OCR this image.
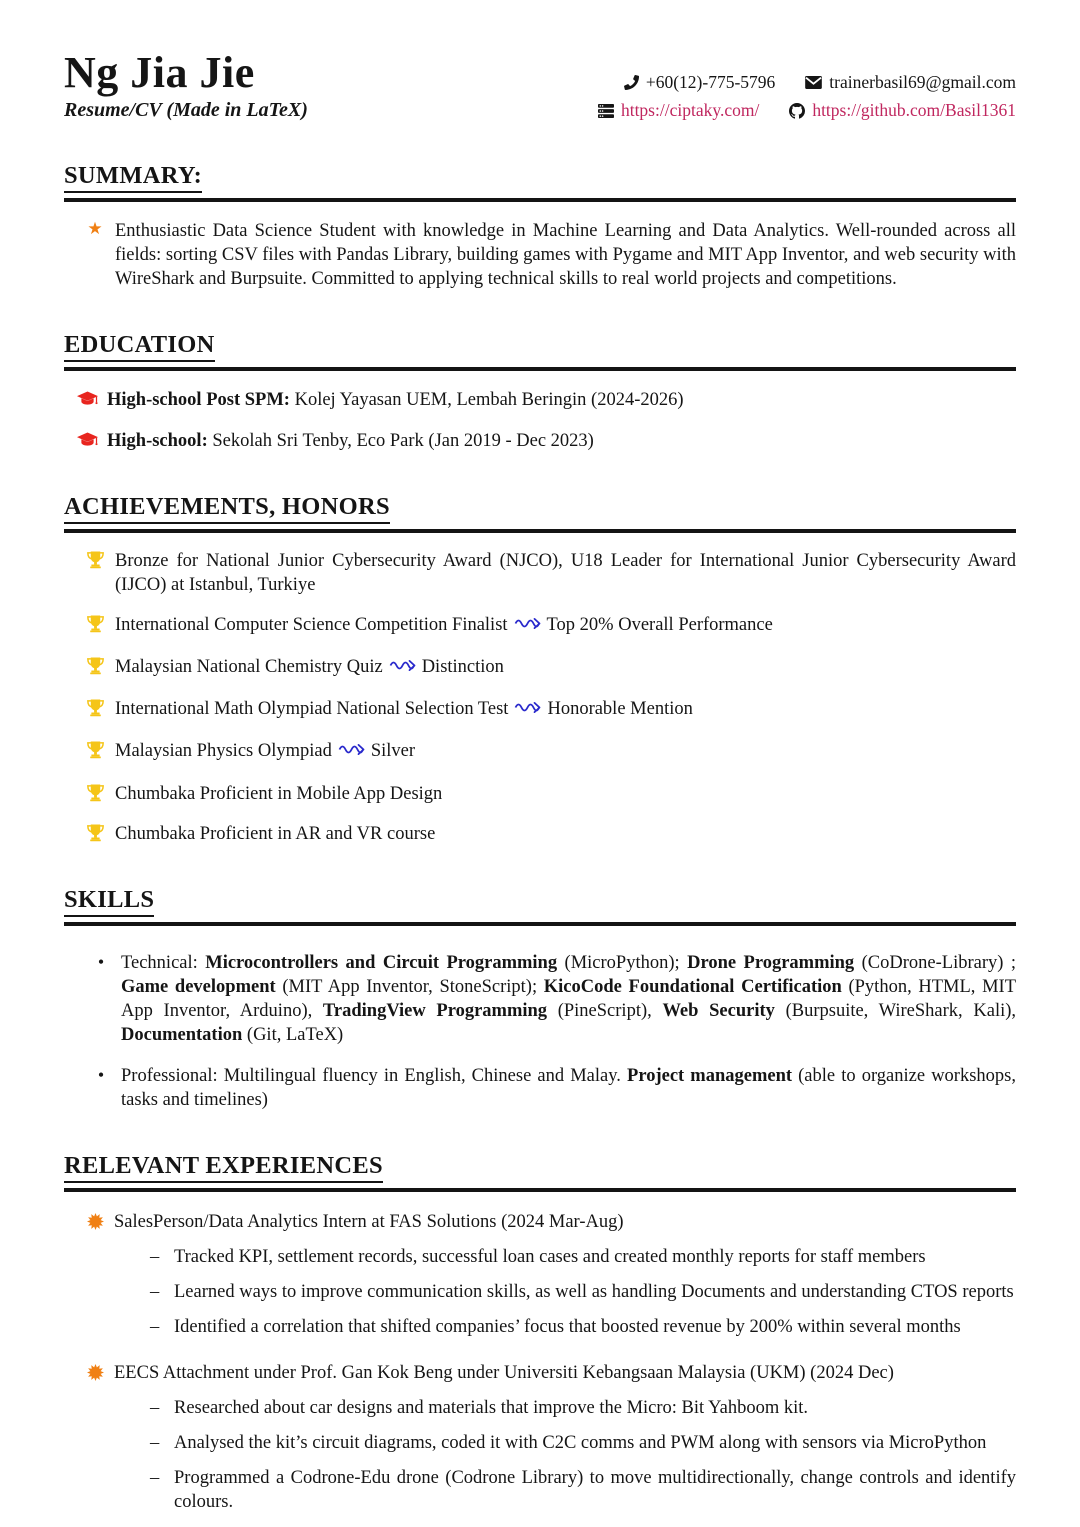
Ng Jia Jie
Resume/CV (Made in LaTeX)
+60(12)-775-5796	trainerbasil69@gmail.com
https://ciptaky.com/	https://github.com/Basil1361
SUMMARY:
★ Enthusiastic Data Science Student with knowledge in Machine Learning and Data Analytics. Well-rounded across all fields: sorting CSV files with Pandas Library, building games with Pygame and MIT App Inventor, and web security with WireShark and Burpsuite. Committed to applying technical skills to real world projects and competitions.
EDUCATION
High-school Post SPM: Kolej Yayasan UEM, Lembah Beringin (2024-2026)
High-school: Sekolah Sri Tenby, Eco Park (Jan 2019 - Dec 2023)
ACHIEVEMENTS, HONORS
Bronze for National Junior Cybersecurity Award (NJCO), U18 Leader for International Junior Cybersecurity Award (IJCO) at Istanbul, Turkiye
International Computer Science Competition Finalist Top 20% Overall Performance
Malaysian National Chemistry Quiz Distinction
International Math Olympiad National Selection Test Honorable Mention
Malaysian Physics Olympiad Silver
Chumbaka Proficient in Mobile App Design
Chumbaka Proficient in AR and VR course
SKILLS
• Technical: Microcontrollers and Circuit Programming (MicroPython); Drone Programming (CoDrone-Library) ; Game development (MIT App Inventor, StoneScript); KicoCode Foundational Certification (Python, HTML, MIT App Inventor, Arduino), TradingView Programming (PineScript), Web Security (Burpsuite, WireShark, Kali), Documentation (Git, LaTeX)
• Professional: Multilingual fluency in English, Chinese and Malay. Project management (able to organize workshops, tasks and timelines)
RELEVANT EXPERIENCES
SalesPerson/Data Analytics Intern at FAS Solutions (2024 Mar-Aug)
– Tracked KPI, settlement records, successful loan cases and created monthly reports for staff members
– Learned ways to improve communication skills, as well as handling Documents and understanding CTOS reports
– Identified a correlation that shifted companies’ focus that boosted revenue by 200% within several months
EECS Attachment under Prof. Gan Kok Beng under Universiti Kebangsaan Malaysia (UKM) (2024 Dec)
– Researched about car designs and materials that improve the Micro: Bit Yahboom kit.
– Analysed the kit’s circuit diagrams, coded it with C2C comms and PWM along with sensors via MicroPython
– Programmed a Codrone-Edu drone (Codrone Library) to move multidirectionally, change controls and identify colours.
